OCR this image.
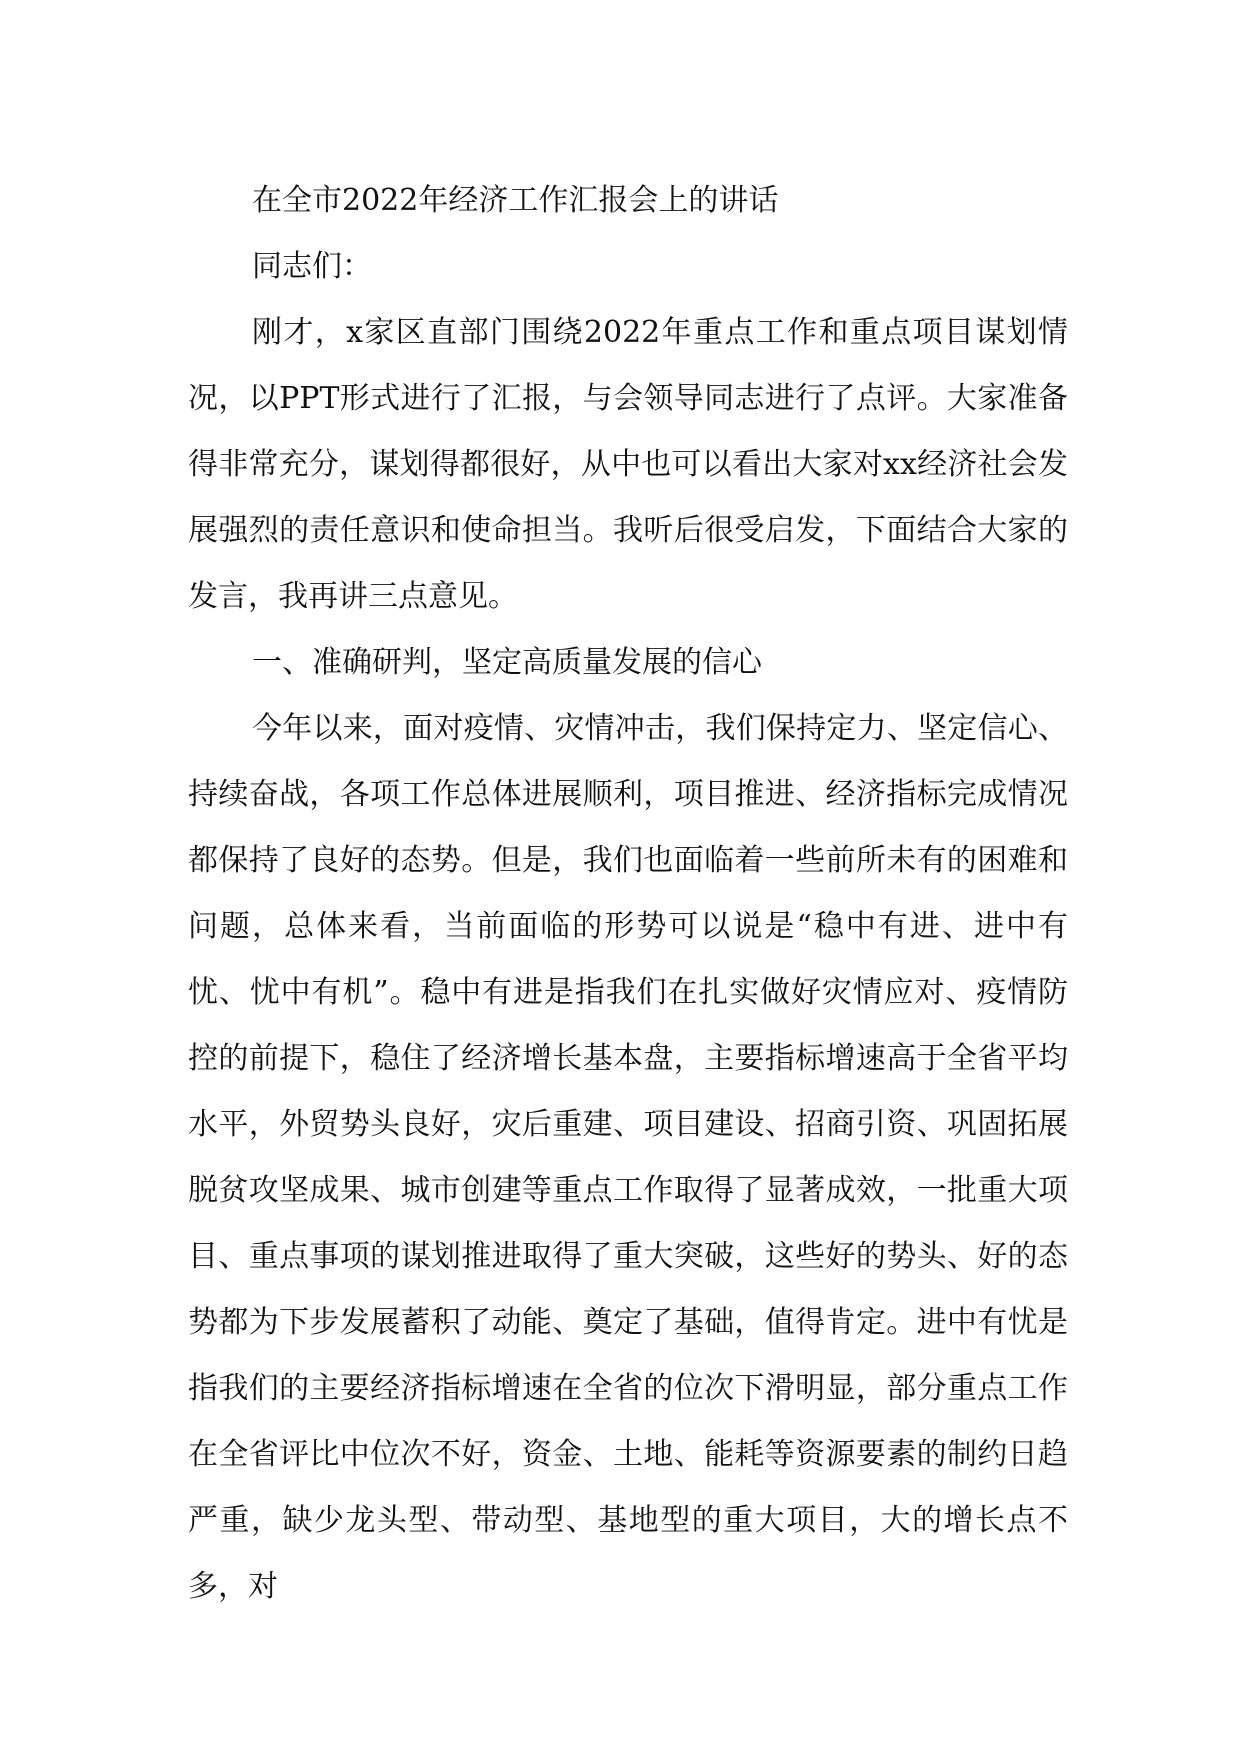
在全市2022年经济工作汇报会上的讲话

同志们：

刚才，x家区直部门围绕2022年重点工作和重点项目谋划情况，以PPT形式进行了汇报，与会领导同志进行了点评。大家准备得非常充分，谋划得都很好，从中也可以看出大家对xx经济社会发展强烈的责任意识和使命担当。我听后很受启发，下面结合大家的发言，我再讲三点意见。

一、准确研判，坚定高质量发展的信心

今年以来，面对疫情、灾情冲击，我们保持定力、坚定信心、持续奋战，各项工作总体进展顺利，项目推进、经济指标完成情况都保持了良好的态势。但是，我们也面临着一些前所未有的困难和问题，总体来看，当前面临的形势可以说是“稳中有进、进中有忧、忧中有机”。稳中有进是指我们在扎实做好灾情应对、疫情防控的前提下，稳住了经济增长基本盘，主要指标增速高于全省平均水平，外贸势头良好，灾后重建、项目建设、招商引资、巩固拓展脱贫攻坚成果、城市创建等重点工作取得了显著成效，一批重大项目、重点事项的谋划推进取得了重大突破，这些好的势头、好的态势都为下步发展蓄积了动能、奠定了基础，值得肯定。进中有忧是指我们的主要经济指标增速在全省的位次下滑明显，部分重点工作在全省评比中位次不好，资金、土地、能耗等资源要素的制约日趋严重，缺少龙头型、带动型、基地型的重大项目，大的增长点不多，对
